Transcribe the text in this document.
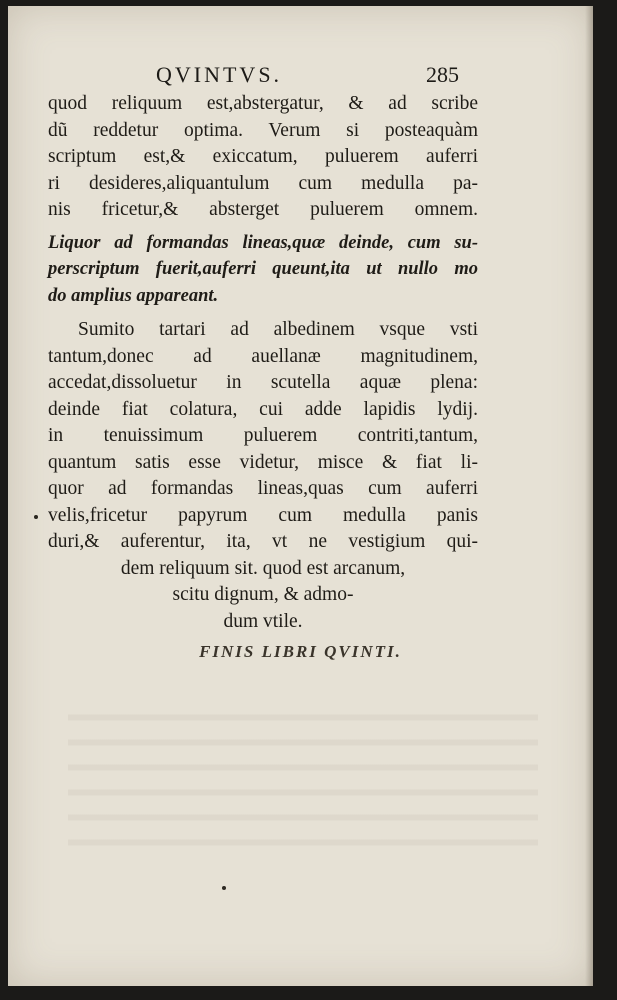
QVINTVS.	285
quod reliquum est,abstergatur, & ad scribe
dũ reddetur optima. Verum si posteaquàm
scriptum est,& exiccatum, puluerem auferri
ri desideres,aliquantulum cum medulla pa-
nis fricetur,& absterget puluerem omnem.
Liquor ad formandas lineas,quæ deinde, cum su-
perscriptum fuerit,auferri queunt,ita ut nullo mo
do amplius appareant.
Sumito tartari ad albedinem vsque vsti
tantum,donec ad auellanæ magnitudinem,
accedat,dissoluetur in scutella aquæ plena:
deinde fiat colatura, cui adde lapidis lydij.
in tenuissimum puluerem contriti,tantum,
quantum satis esse videtur, misce & fiat li-
quor ad formandas lineas,quas cum auferri
velis,fricetur papyrum cum medulla panis
duri,& auferentur, ita, vt ne vestigium qui-
dem reliquum sit. quod est arcanum,
scitu dignum, & admo-
dum vtile.
FINIS LIBRI QVINTI.
